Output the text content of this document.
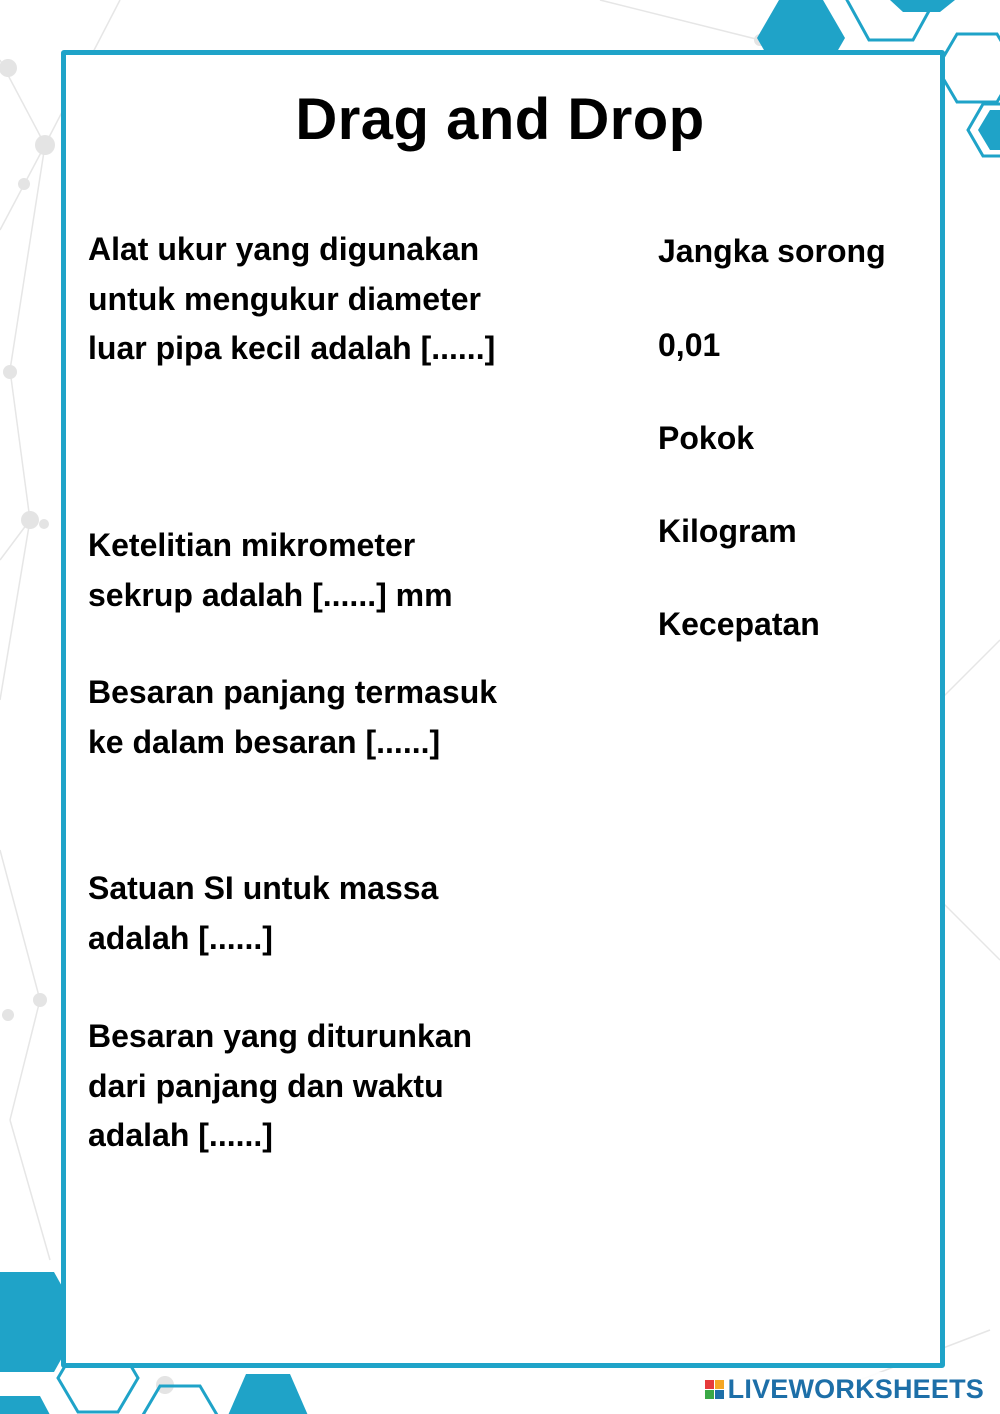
Drag and Drop
Alat ukur yang digunakan untuk mengukur diameter luar pipa kecil adalah [......]
Ketelitian mikrometer sekrup adalah [......] mm
Besaran panjang termasuk ke dalam besaran [......]
Satuan SI untuk massa adalah [......]
Besaran yang diturunkan dari panjang dan waktu adalah [......]
Jangka sorong
0,01
Pokok
Kilogram
Kecepatan
LIVEWORKSHEETS
